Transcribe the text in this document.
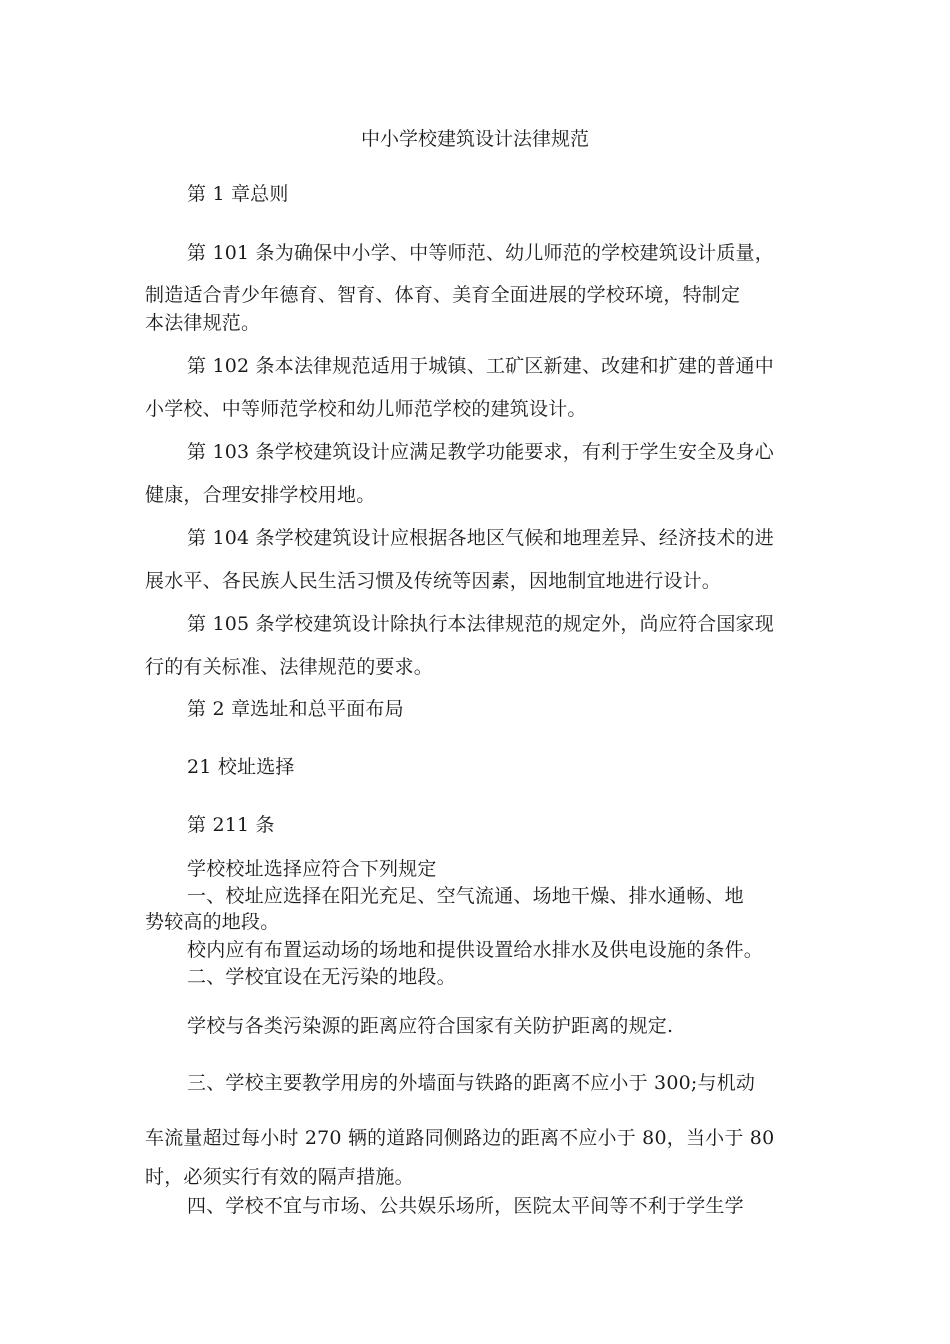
中小学校建筑设计法律规范
第 1 章总则
第 101 条为确保中小学、中等师范、幼儿师范的学校建筑设计质量，
制造适合青少年德育、智育、体育、美育全面进展的学校环境，特制定
本法律规范。
第 102 条本法律规范适用于城镇、工矿区新建、改建和扩建的普通中
小学校、中等师范学校和幼儿师范学校的建筑设计。
第 103 条学校建筑设计应满足教学功能要求，有利于学生安全及身心
健康，合理安排学校用地。
第 104 条学校建筑设计应根据各地区气候和地理差异、经济技术的进
展水平、各民族人民生活习惯及传统等因素，因地制宜地进行设计。
第 105 条学校建筑设计除执行本法律规范的规定外，尚应符合国家现
行的有关标准、法律规范的要求。
第 2 章选址和总平面布局
21 校址选择
第 211 条
学校校址选择应符合下列规定
一、校址应选择在阳光充足、空气流通、场地干燥、排水通畅、地
势较高的地段。
校内应有布置运动场的场地和提供设置给水排水及供电设施的条件。
二、学校宜设在无污染的地段。
学校与各类污染源的距离应符合国家有关防护距离的规定.
三、学校主要教学用房的外墙面与铁路的距离不应小于 300;与机动
车流量超过每小时 270 辆的道路同侧路边的距离不应小于 80，当小于 80
时，必须实行有效的隔声措施。
四、学校不宜与市场、公共娱乐场所，医院太平间等不利于学生学
